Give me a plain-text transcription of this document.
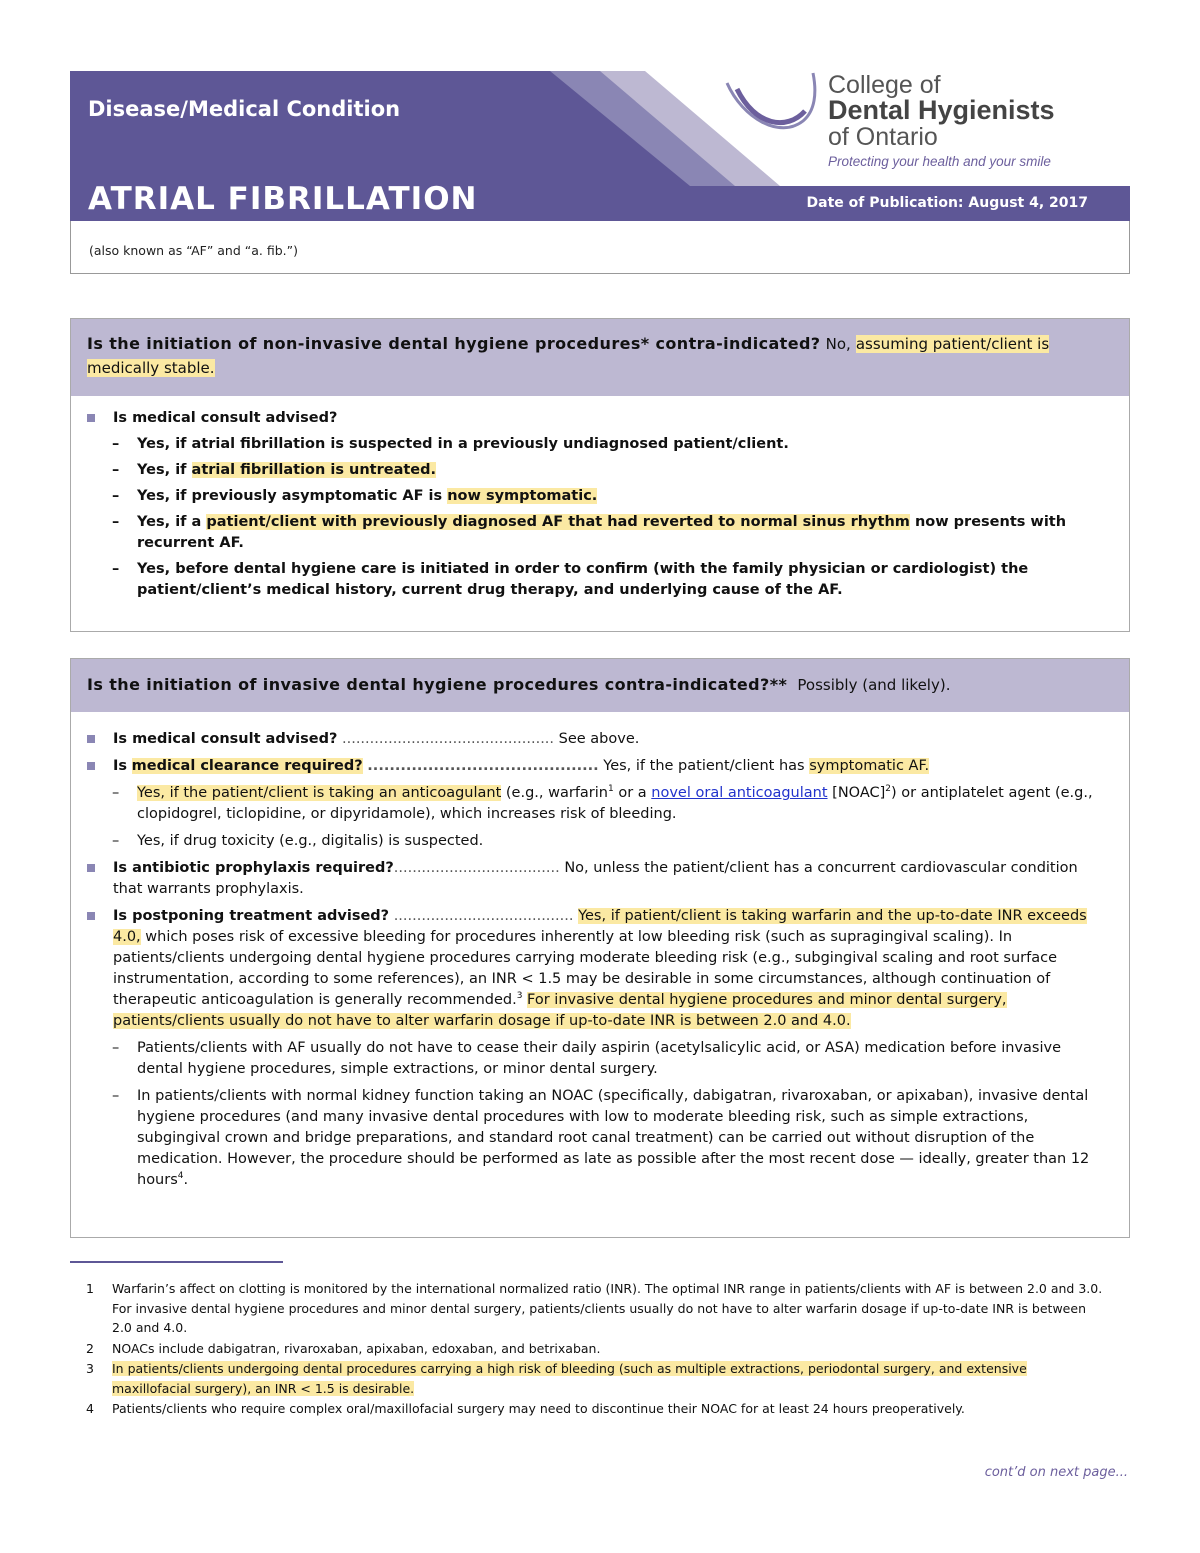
Disease/Medical Condition
ATRIAL FIBRILLATION	Date of Publication: August 4, 2017
College of
Dental Hygienists
of Ontario
Protecting your health and your smile
(also known as “AF” and “a. fib.”)
Is the initiation of non-invasive dental hygiene procedures* contra-indicated? No, assuming patient/client is medically stable.
Is medical consult advised?
– Yes, if atrial fibrillation is suspected in a previously undiagnosed patient/client.
– Yes, if atrial fibrillation is untreated.
– Yes, if previously asymptomatic AF is now symptomatic.
– Yes, if a patient/client with previously diagnosed AF that had reverted to normal sinus rhythm now presents with recurrent AF.
– Yes, before dental hygiene care is initiated in order to confirm (with the family physician or cardiologist) the patient/client’s medical history, current drug therapy, and underlying cause of the AF.
Is the initiation of invasive dental hygiene procedures contra-indicated?** Possibly (and likely).
Is medical consult advised? .............................................. See above.
Is medical clearance required? .......................................... Yes, if the patient/client has symptomatic AF.
– Yes, if the patient/client is taking an anticoagulant (e.g., warfarin$^1$ or a novel oral anticoagulant [NOAC]$^2$) or antiplatelet agent (e.g., clopidogrel, ticlopidine, or dipyridamole), which increases risk of bleeding.
– Yes, if drug toxicity (e.g., digitalis) is suspected.
Is antibiotic prophylaxis required?.................................... No, unless the patient/client has a concurrent cardiovascular condition that warrants prophylaxis.
Is postponing treatment advised? ....................................... Yes, if patient/client is taking warfarin and the up-to-date INR exceeds 4.0, which poses risk of excessive bleeding for procedures inherently at low bleeding risk (such as supragingival scaling). In patients/clients undergoing dental hygiene procedures carrying moderate bleeding risk (e.g., subgingival scaling and root surface instrumentation, according to some references), an INR < 1.5 may be desirable in some circumstances, although continuation of therapeutic anticoagulation is generally recommended.$^3$ For invasive dental hygiene procedures and minor dental surgery, patients/clients usually do not have to alter warfarin dosage if up-to-date INR is between 2.0 and 4.0.
– Patients/clients with AF usually do not have to cease their daily aspirin (acetylsalicylic acid, or ASA) medication before invasive dental hygiene procedures, simple extractions, or minor dental surgery.
– In patients/clients with normal kidney function taking an NOAC (specifically, dabigatran, rivaroxaban, or apixaban), invasive dental hygiene procedures (and many invasive dental procedures with low to moderate bleeding risk, such as simple extractions, subgingival crown and bridge preparations, and standard root canal treatment) can be carried out without disruption of the medication. However, the procedure should be performed as late as possible after the most recent dose — ideally, greater than 12 hours$^4$.
1 Warfarin’s affect on clotting is monitored by the international normalized ratio (INR). The optimal INR range in patients/clients with AF is between 2.0 and 3.0. For invasive dental hygiene procedures and minor dental surgery, patients/clients usually do not have to alter warfarin dosage if up-to-date INR is between 2.0 and 4.0.
2 NOACs include dabigatran, rivaroxaban, apixaban, edoxaban, and betrixaban.
3 In patients/clients undergoing dental procedures carrying a high risk of bleeding (such as multiple extractions, periodontal surgery, and extensive maxillofacial surgery), an INR < 1.5 is desirable.
4 Patients/clients who require complex oral/maxillofacial surgery may need to discontinue their NOAC for at least 24 hours preoperatively.
cont’d on next page...
